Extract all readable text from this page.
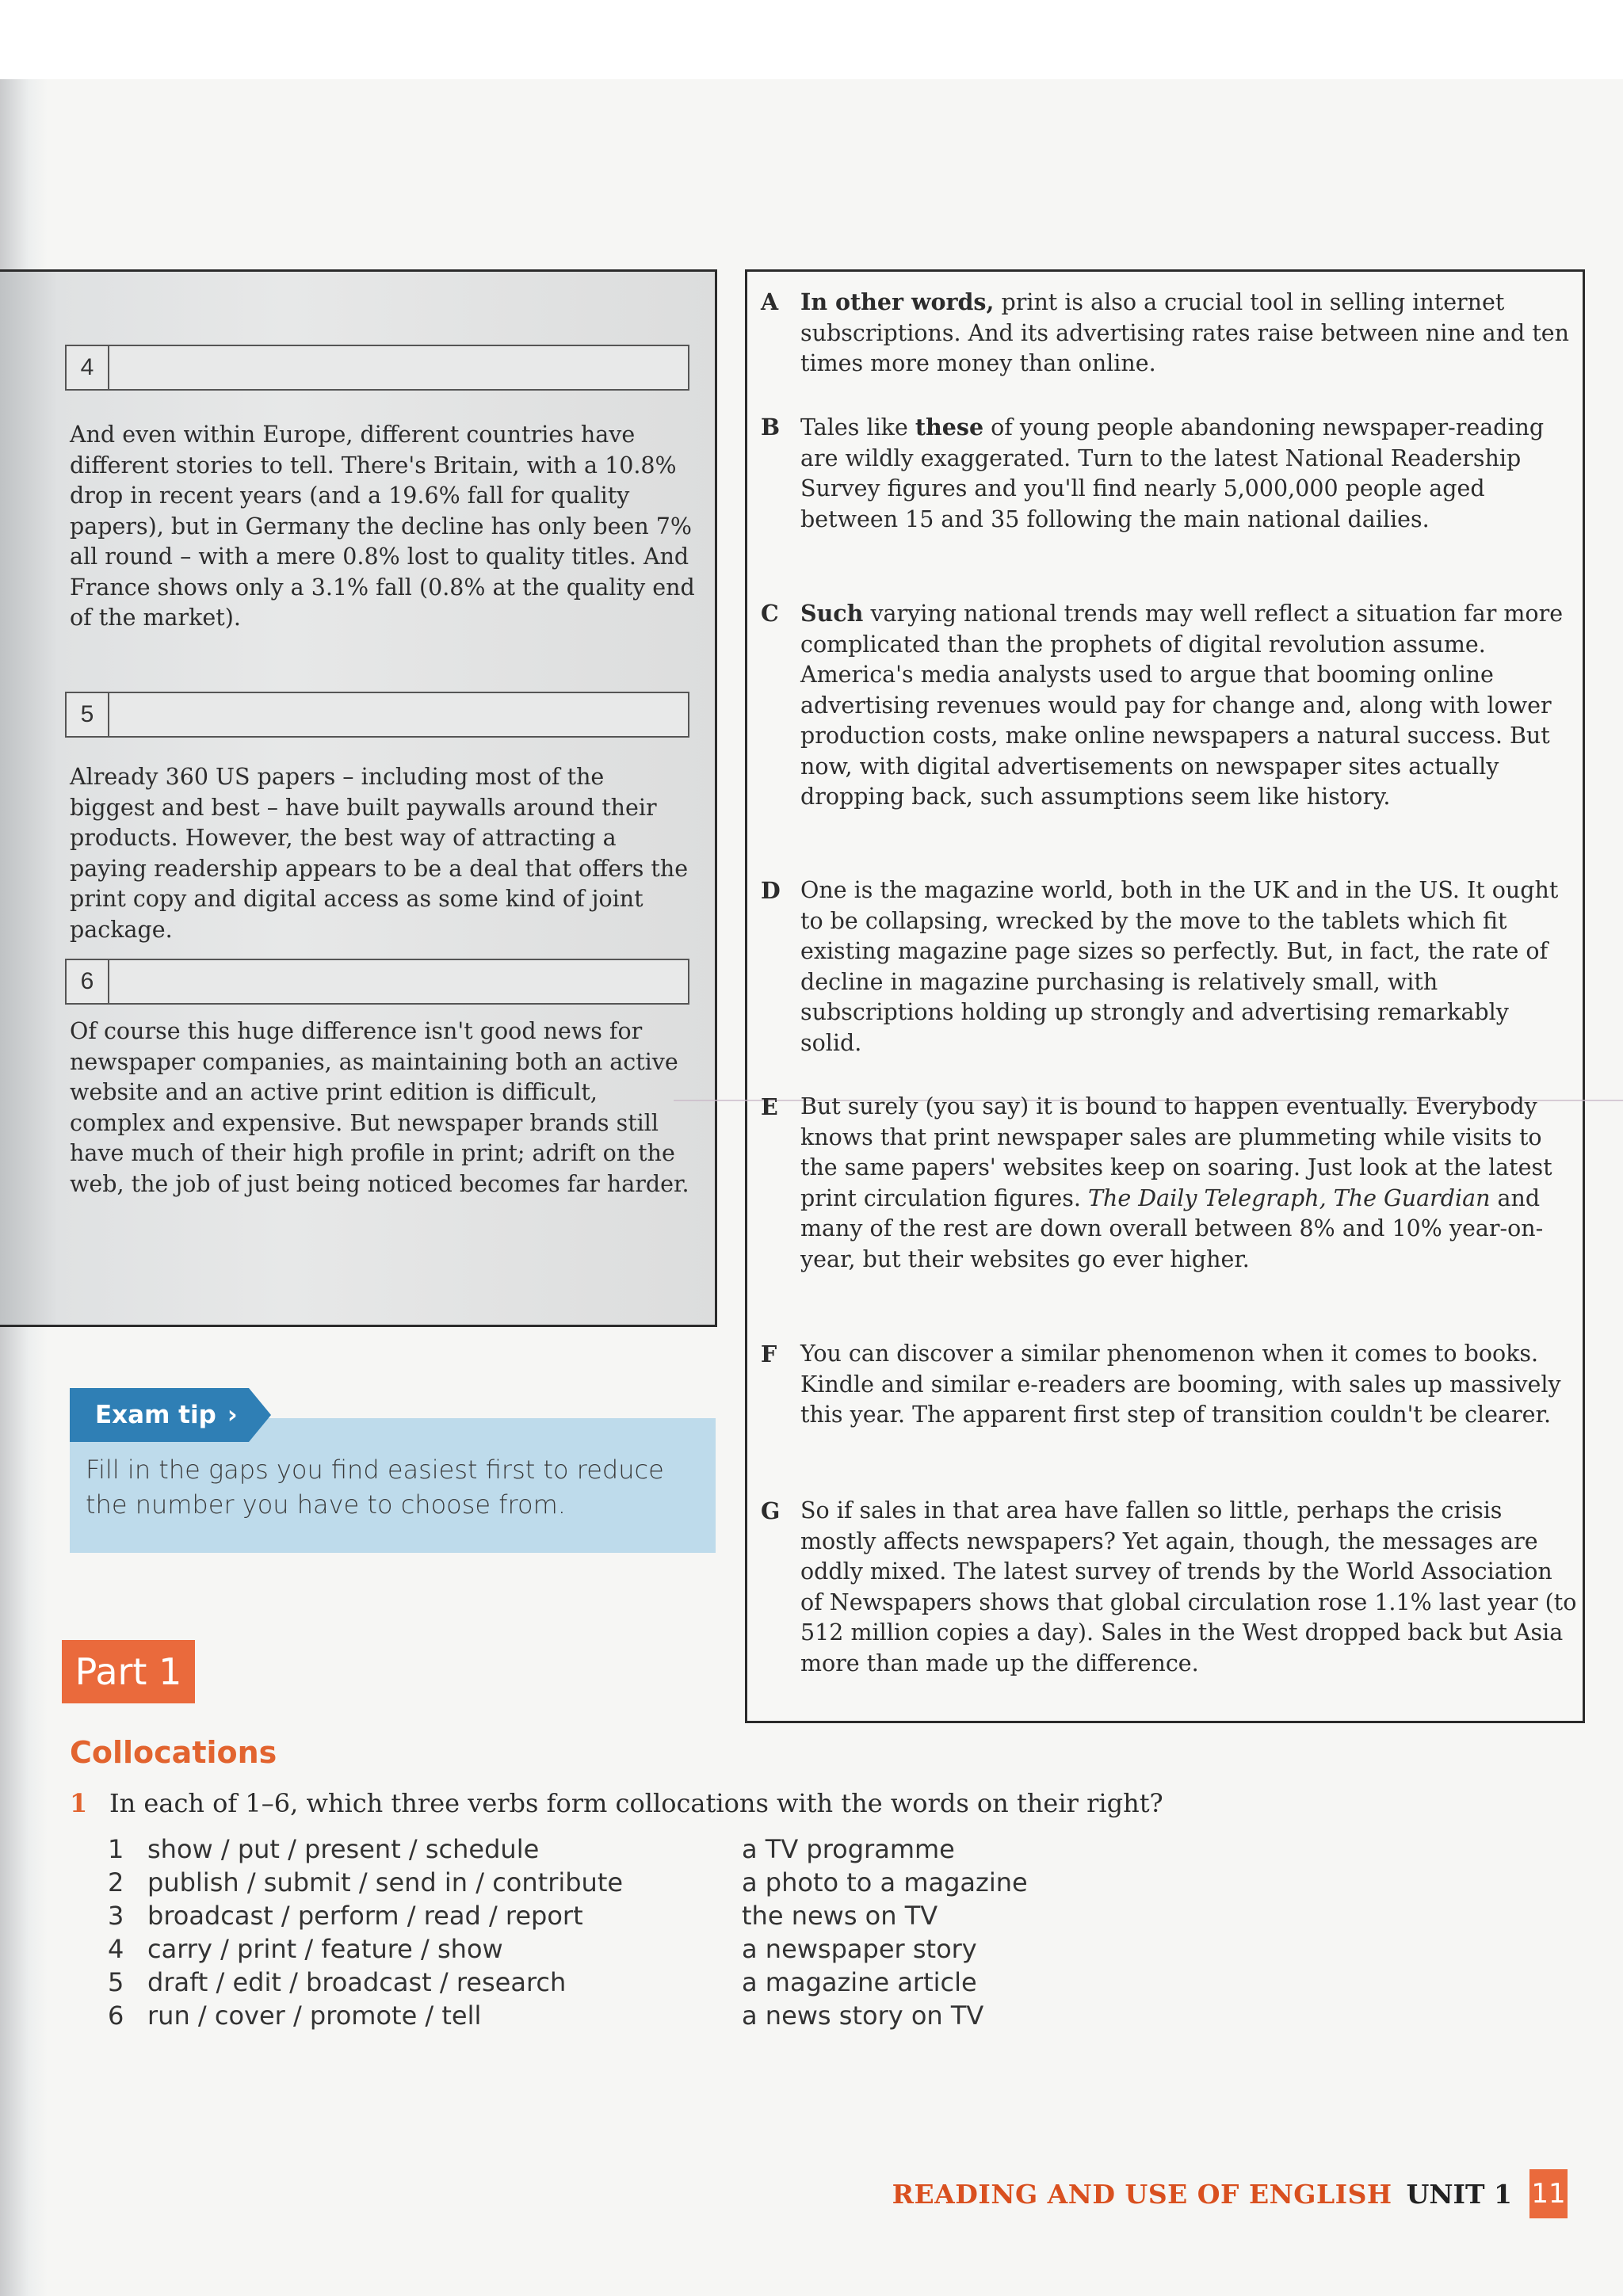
4

And even within Europe, different countries have different stories to tell. There's Britain, with a 10.8% drop in recent years (and a 19.6% fall for quality papers), but in Germany the decline has only been 7% all round – with a mere 0.8% lost to quality titles. And France shows only a 3.1% fall (0.8% at the quality end of the market).

5

Already 360 US papers – including most of the biggest and best – have built paywalls around their products. However, the best way of attracting a paying readership appears to be a deal that offers the print copy and digital access as some kind of joint package.

6

Of course this huge difference isn't good news for newspaper companies, as maintaining both an active website and an active print edition is difficult, complex and expensive. But newspaper brands still have much of their high profile in print; adrift on the web, the job of just being noticed becomes far harder.

A In other words, print is also a crucial tool in selling internet subscriptions. And its advertising rates raise between nine and ten times more money than online.
B Tales like these of young people abandoning newspaper-reading are wildly exaggerated. Turn to the latest National Readership Survey figures and you'll find nearly 5,000,000 people aged between 15 and 35 following the main national dailies.
C Such varying national trends may well reflect a situation far more complicated than the prophets of digital revolution assume. America's media analysts used to argue that booming online advertising revenues would pay for change and, along with lower production costs, make online newspapers a natural success. But now, with digital advertisements on newspaper sites actually dropping back, such assumptions seem like history.
D One is the magazine world, both in the UK and in the US. It ought to be collapsing, wrecked by the move to the tablets which fit existing magazine page sizes so perfectly. But, in fact, the rate of decline in magazine purchasing is relatively small, with subscriptions holding up strongly and advertising remarkably solid.
E But surely (you say) it is bound to happen eventually. Everybody knows that print newspaper sales are plummeting while visits to the same papers' websites keep on soaring. Just look at the latest print circulation figures. The Daily Telegraph, The Guardian and many of the rest are down overall between 8% and 10% year-on-year, but their websites go ever higher.
F	You can discover a similar phenomenon when it comes to books. Kindle and similar e-readers are booming, with sales up massively this year. The apparent first step of transition couldn't be clearer.
G So if sales in that area have fallen so little, perhaps the crisis mostly affects newspapers? Yet again, though, the messages are oddly mixed. The latest survey of trends by the World Association of Newspapers shows that global circulation rose 1.1% last year (to 512 million copies a day). Sales in the West dropped back but Asia more than made up the difference.
Exam tip ›
Fill in the gaps you find easiest first to reduce the number you have to choose from.
Part 1
Collocations
1 In each of 1–6, which three verbs form collocations with the words on their right?
1 show / put / present / schedule	a TV programme
2 publish / submit / send in / contribute	a photo to a magazine
3 broadcast / perform / read / report	the news on TV
4 carry / print / feature / show	a newspaper story
5 draft / edit / broadcast / research	a magazine article
6 run / cover / promote / tell	a news story on TV
READING AND USE OF ENGLISH UNIT 1 11
